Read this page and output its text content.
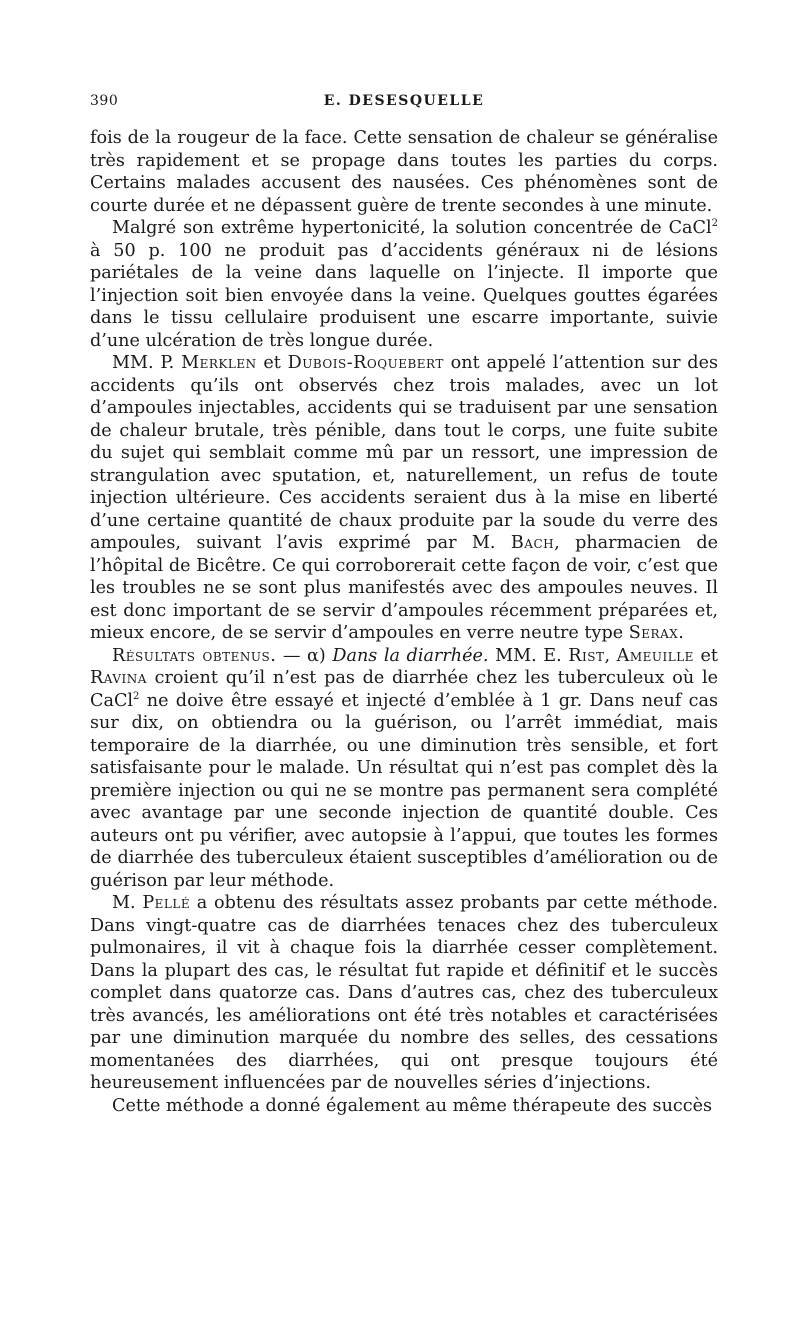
390	E. DESESQUELLE

fois de la rougeur de la face. Cette sensation de chaleur se généralise très rapidement et se propage dans toutes les parties du corps. Certains malades accusent des nausées. Ces phénomènes sont de courte durée et ne dépassent guère de trente secondes à une minute.

Malgré son extrême hypertonicité, la solution concentrée de CaCl$^2$ à 50 p. 100 ne produit pas d’accidents généraux ni de lésions pariétales de la veine dans laquelle on l’injecte. Il importe que l’injection soit bien envoyée dans la veine. Quelques gouttes égarées dans le tissu cellulaire produisent une escarre importante, suivie d’une ulcération de très longue durée.

MM. P. Merklen et Dubois-Roquebert ont appelé l’attention sur des accidents qu’ils ont observés chez trois malades, avec un lot d’ampoules injectables, accidents qui se traduisent par une sensation de chaleur brutale, très pénible, dans tout le corps, une fuite subite du sujet qui semblait comme mû par un ressort, une impression de strangulation avec sputation, et, naturellement, un refus de toute injection ultérieure. Ces accidents seraient dus à la mise en liberté d’une certaine quantité de chaux produite par la soude du verre des ampoules, suivant l’avis exprimé par M. Bach, pharmacien de l’hôpital de Bicêtre. Ce qui corroborerait cette façon de voir, c’est que les troubles ne se sont plus manifestés avec des ampoules neuves. Il est donc important de se servir d’ampoules récemment préparées et, mieux encore, de se servir d’ampoules en verre neutre type Serax.

Résultats obtenus. — α) Dans la diarrhée. MM. E. Rist, Ameuille et Ravina croient qu’il n’est pas de diarrhée chez les tuberculeux où le CaCl$^2$ ne doive être essayé et injecté d’emblée à 1 gr. Dans neuf cas sur dix, on obtiendra ou la guérison, ou l’arrêt immédiat, mais temporaire de la diarrhée, ou une diminution très sensible, et fort satisfaisante pour le malade. Un résultat qui n’est pas complet dès la première injection ou qui ne se montre pas permanent sera complété avec avantage par une seconde injection de quantité double. Ces auteurs ont pu vérifier, avec autopsie à l’appui, que toutes les formes de diarrhée des tuberculeux étaient susceptibles d’amélioration ou de guérison par leur méthode.

M. Pellé a obtenu des résultats assez probants par cette méthode. Dans vingt-quatre cas de diarrhées tenaces chez des tuberculeux pulmonaires, il vit à chaque fois la diarrhée cesser complètement. Dans la plupart des cas, le résultat fut rapide et définitif et le succès complet dans quatorze cas. Dans d’autres cas, chez des tuberculeux très avancés, les améliorations ont été très notables et caractérisées par une diminution marquée du nombre des selles, des cessations momentanées des diarrhées, qui ont presque toujours été heureusement influencées par de nouvelles séries d’injections.

Cette méthode a donné également au même thérapeute des succès
